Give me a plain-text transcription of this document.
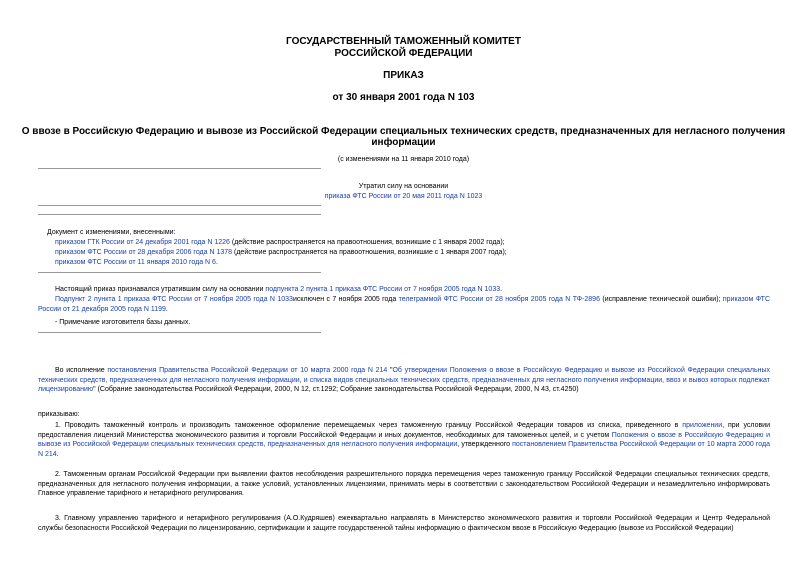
ГОСУДАРСТВЕННЫЙ ТАМОЖЕННЫЙ КОМИТЕТ
РОССИЙСКОЙ ФЕДЕРАЦИИ
ПРИКАЗ
от 30 января 2001 года N 103
О ввозе в Российскую Федерацию и вывозе из Российской Федерации специальных технических средств, предназначенных для негласного получения
информации
(с изменениями на 11 января 2010 года)
Утратил силу на основании
приказа ФТС России от 20 мая 2011 года N 1023
Документ с изменениями, внесенными:
приказом ГТК России от 24 декабря 2001 года N 1226 (действие распространяется на правоотношения, возникшие с 1 января 2002 года);
приказом ФТС России от 28 декабря 2006 года N 1378 (действие распространяется на правоотношения, возникшие с 1 января 2007 года);
приказом ФТС России от 11 января 2010 года N 6.
Настоящий приказ признавался утратившим силу на основании подпункта 2 пункта 1 приказа ФТС России от 7 ноября 2005 года N 1033.
Подпункт 2 пункта 1 приказа ФТС России от 7 ноября 2005 года N 1033исключен с 7 ноября 2005 года телеграммой ФТС России от 28 ноября 2005 года N ТФ-2896 (исправление технической ошибки); приказом ФТС России от 21 декабря 2005 года N 1199.
- Примечание изготовителя базы данных.
Во исполнение постановления Правительства Российской Федерации от 10 марта 2000 года N 214 "Об утверждении Положения о ввозе в Российскую Федерацию и вывозе из Российской Федерации специальных технических средств, предназначенных для негласного получения информации, и списка видов специальных технических средств, предназначенных для негласного получения информации, ввоз и вывоз которых подлежат лицензированию" (Собрание законодательства Российской Федерации, 2000, N 12, ст.1292; Собрание законодательства Российской Федерации, 2000, N 43, ст.4250)
приказываю:
1. Проводить таможенный контроль и производить таможенное оформление перемещаемых через таможенную границу Российской Федерации товаров из списка, приведенного в приложении, при условии предоставления лицензий Министерства экономического развития и торговли Российской Федерации и иных документов, необходимых для таможенных целей, и с учетом Положения о ввозе в Российскую Федерацию и вывозе из Российской Федерации специальных технических средств, предназначенных для негласного получения информации, утвержденного постановлением Правительства Российской Федерации от 10 марта 2000 года N 214.
2. Таможенным органам Российской Федерации при выявлении фактов несоблюдения разрешительного порядка перемещения через таможенную границу Российской Федерации специальных технических средств, предназначенных для негласного получения информации, а также условий, установленных лицензиями, принимать меры в соответствии с законодательством Российской Федерации и незамедлительно информировать Главное управление тарифного и нетарифного регулирования.
3. Главному управлению тарифного и нетарифного регулирования (А.О.Кудряшев) ежеквартально направлять в Министерство экономического развития и торговли Российской Федерации и Центр Федеральной службы безопасности Российской Федерации по лицензированию, сертификации и защите государственной тайны информацию о фактическом ввозе в Российскую Федерацию (вывозе из Российской Федерации)
